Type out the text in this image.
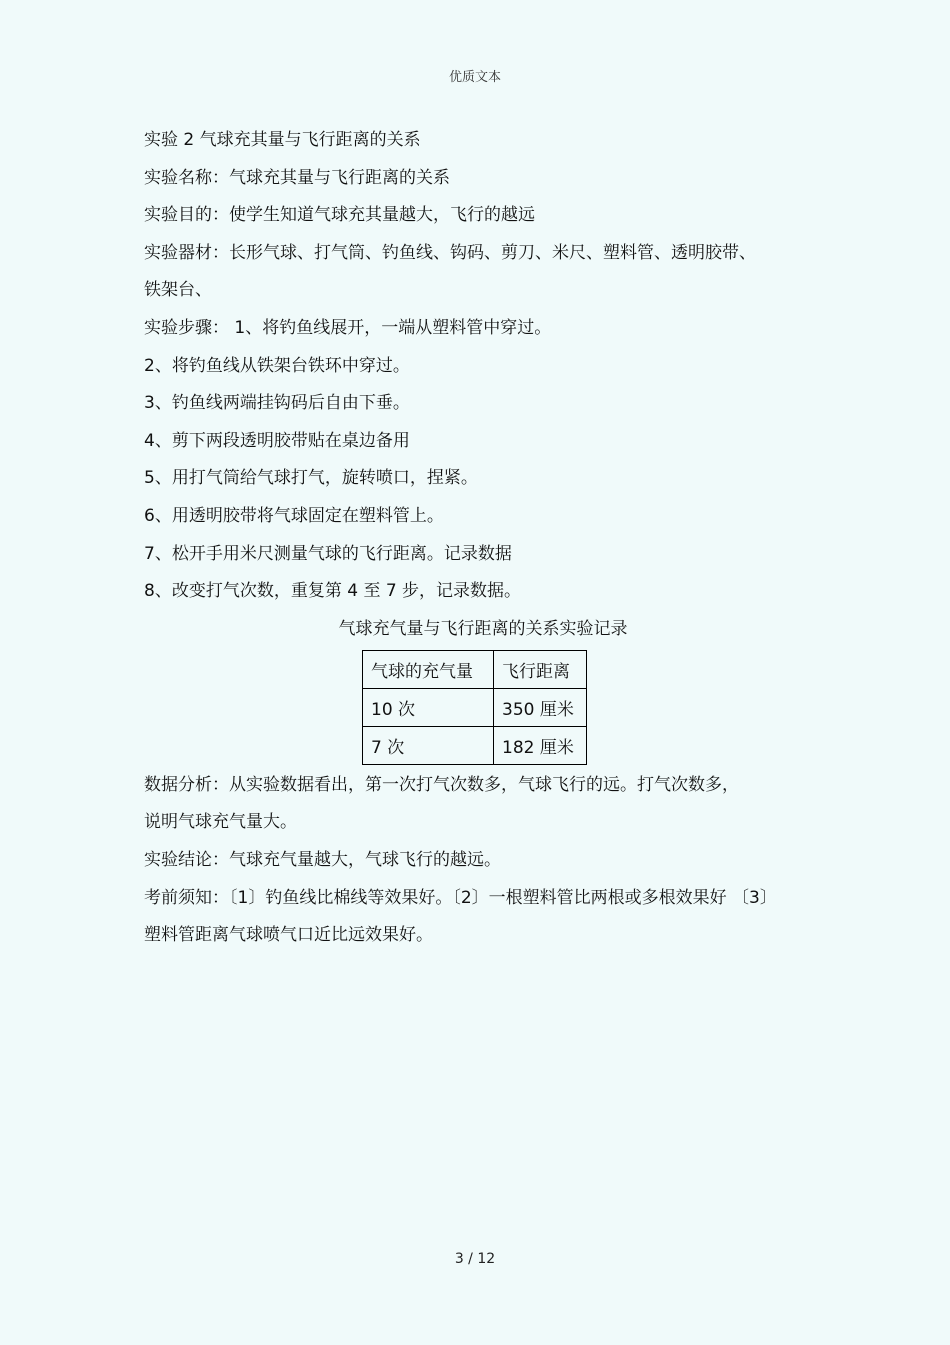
优质文本
实验 2 气球充其量与飞行距离的关系
实验名称：气球充其量与飞行距离的关系
实验目的：使学生知道气球充其量越大，飞行的越远
实验器材：长形气球、打气筒、钓鱼线、钩码、剪刀、米尺、塑料管、透明胶带、
铁架台、
实验步骤： 1、将钓鱼线展开，一端从塑料管中穿过。
2、将钓鱼线从铁架台铁环中穿过。
3、钓鱼线两端挂钩码后自由下垂。
4、剪下两段透明胶带贴在桌边备用
5、用打气筒给气球打气，旋转喷口，捏紧。
6、用透明胶带将气球固定在塑料管上。
7、松开手用米尺测量气球的飞行距离。记录数据
8、改变打气次数，重复第 4 至 7 步，记录数据。
气球充气量与飞行距离的关系实验记录
气球的充气量	飞行距离
10 次	350 厘米
7 次	182 厘米
数据分析：从实验数据看出，第一次打气次数多，气球飞行的远。打气次数多，
说明气球充气量大。
实验结论：气球充气量越大，气球飞行的越远。
考前须知：〔1〕钓鱼线比棉线等效果好。〔2〕一根塑料管比两根或多根效果好 〔3〕
塑料管距离气球喷气口近比远效果好。
3 / 12
